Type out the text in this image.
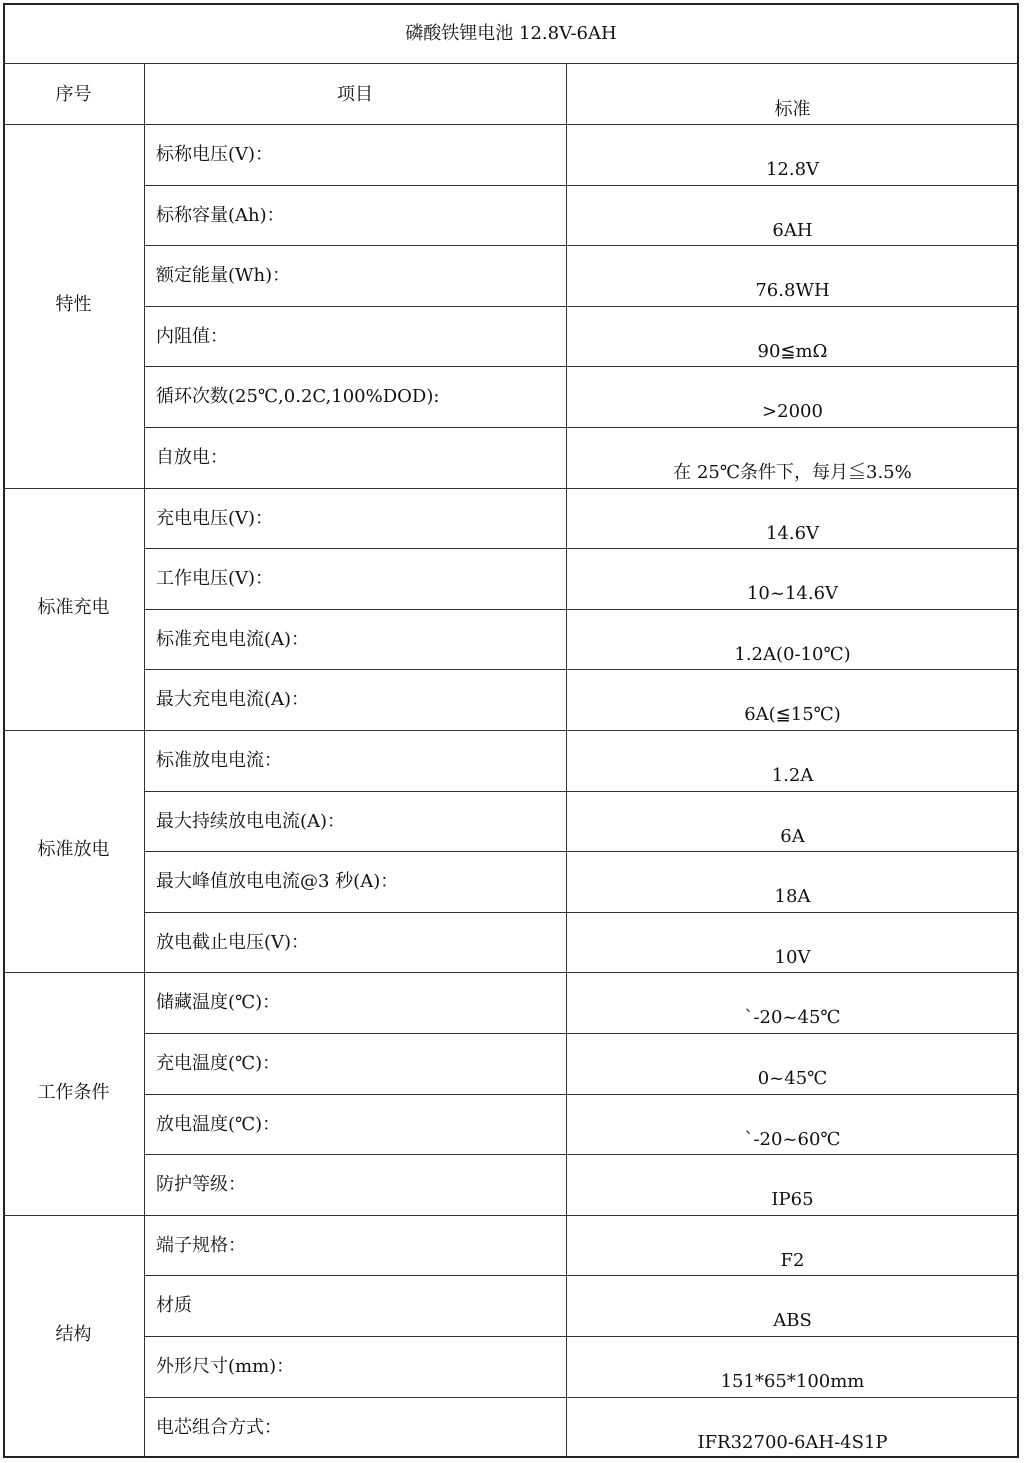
磷酸铁锂电池 12.8V-6AH
序号	项目
标准
特性
标称电压(V)：
12.8V
标称容量(Ah)：
6AH
额定能量(Wh)：
76.8WH
内阻值：
90≦mΩ
循环次数(25℃,0.2C,100%DOD):
>2000
自放电：
在 25℃条件下，每月≦3.5%
标准充电
充电电压(V)：
14.6V
工作电压(V)：
10~14.6V
标准充电电流(A)：
1.2A(0-10℃)
最大充电电流(A)：
6A(≦15℃)
标准放电
标准放电电流：
1.2A
最大持续放电电流(A)：
6A
最大峰值放电电流@3 秒(A)：
18A
放电截止电压(V)：
10V
工作条件
储藏温度(℃)：
`-20~45℃
充电温度(℃)：
0~45℃
放电温度(℃)：
`-20~60℃
防护等级：
IP65
结构
端子规格：
F2
材质
ABS
外形尺寸(mm)：
151*65*100mm
电芯组合方式：
IFR32700-6AH-4S1P
